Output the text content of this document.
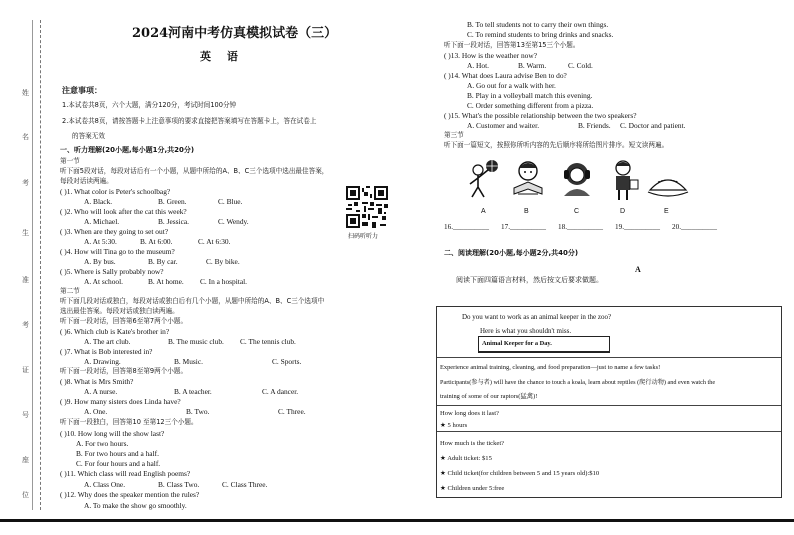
姓
名
考
生
准
考
证
号
座
位
2024河南中考仿真模拟试卷（三）
英 语
注意事项：
1.本试卷共8页，六个大题，满分120分，考试时间100分钟
2.本试卷共8页，请按答题卡上注意事项的要求直接把答案填写在答题卡上，答在试卷上
的答案无效
一、听力理解(20小题,每小题1分,共20分)
第一节
听下面5段对话，每段对话后有一个小题，从题中所给的A、B、C三个选项中选出最佳答案，
每段对话读两遍。
扫码听听力
( )1. What color is Peter's schoolbag?
A. Black.	B. Green.	C. Blue.
( )2. Who will look after the cat this week?
A. Michael.	B. Jessica.	C. Wendy.
( )3. When are they going to set out?
A. At 5:30.	B. At 6:00.	C. At 6:30.
( )4. How will Tina go to the museum?
A. By bus.	B. By car.	C. By bike.
( )5. Where is Sally probably now?
A. At school.	B. At home. C. In a hospital.
第二节
听下面几段对话或独白，每段对话或独白后有几个小题，从题中所给的A、B、C三个选项中
选出最佳答案。每段对话或独白读两遍。
听下面一段对话，回答第6至第7两个小题。
( )6. Which club is Kate's brother in?
A. The art club.	B. The music club. C. The tennis club.
( )7. What is Bob interested in?
A. Drawing.	B. Music.	C. Sports.
听下面一段对话，回答第8至第9两个小题。
( )8. What is Mrs Smith?
A. A nurse.	B. A teacher.	C. A dancer.
( )9. How many sisters does Linda have?
A. One.	B. Two.	C. Three.
听下面一段独白，回答第10 至第12三个小题。
( )10. How long will the show last?
A. For two hours.
B. For two hours and a half.
C. For four hours and a half.
( )11. Which class will read English poems?
A. Class One.	B. Class Two.	C. Class Three.
( )12. Why does the speaker mention the rules?
A. To make the show go smoothly.
B. To tell students not to carry their own things.
C. To remind students to bring drinks and snacks.
听下面一段对话，回答第13至第15三个小题。
( )13. How is the weather now?
A. Hot.	B. Warm.	C. Cold.
( )14. What does Laura advise Ben to do?
A. Go out for a walk with her.
B. Play in a volleyball match this evening.
C. Order something different from a pizza.
( )15. What's the possible relationship between the two speakers?
A. Customer and waiter.	B. Friends. C. Doctor and patient.
第三节
听下面一篇短文，按照你所听内容的先后顺序将所给图片排序。短文读两遍。
A	B	C	D	E
16.__________ 17.__________ 18.__________ 19.__________ 20.__________
二、阅读理解(20小题,每小题2分,共40分)
A
阅读下面四篇语言材料，然后按文后要求做题。
Do you want to work as an animal keeper in the zoo?
Here is what you shouldn't miss.
Animal Keeper for a Day.
Experience animal training, cleaning, and food preparation—just to name a few tasks!
Participants(参与者) will have the chance to touch a koala, learn about reptiles (爬行动物) and even watch the
training of some of our raptors(猛禽)!
How long does it last?
★ 5 hours
How much is the ticket?
★ Adult ticket: $15
★ Child ticket(for children between 5 and 15 years old):$10
★ Children under 5:free
